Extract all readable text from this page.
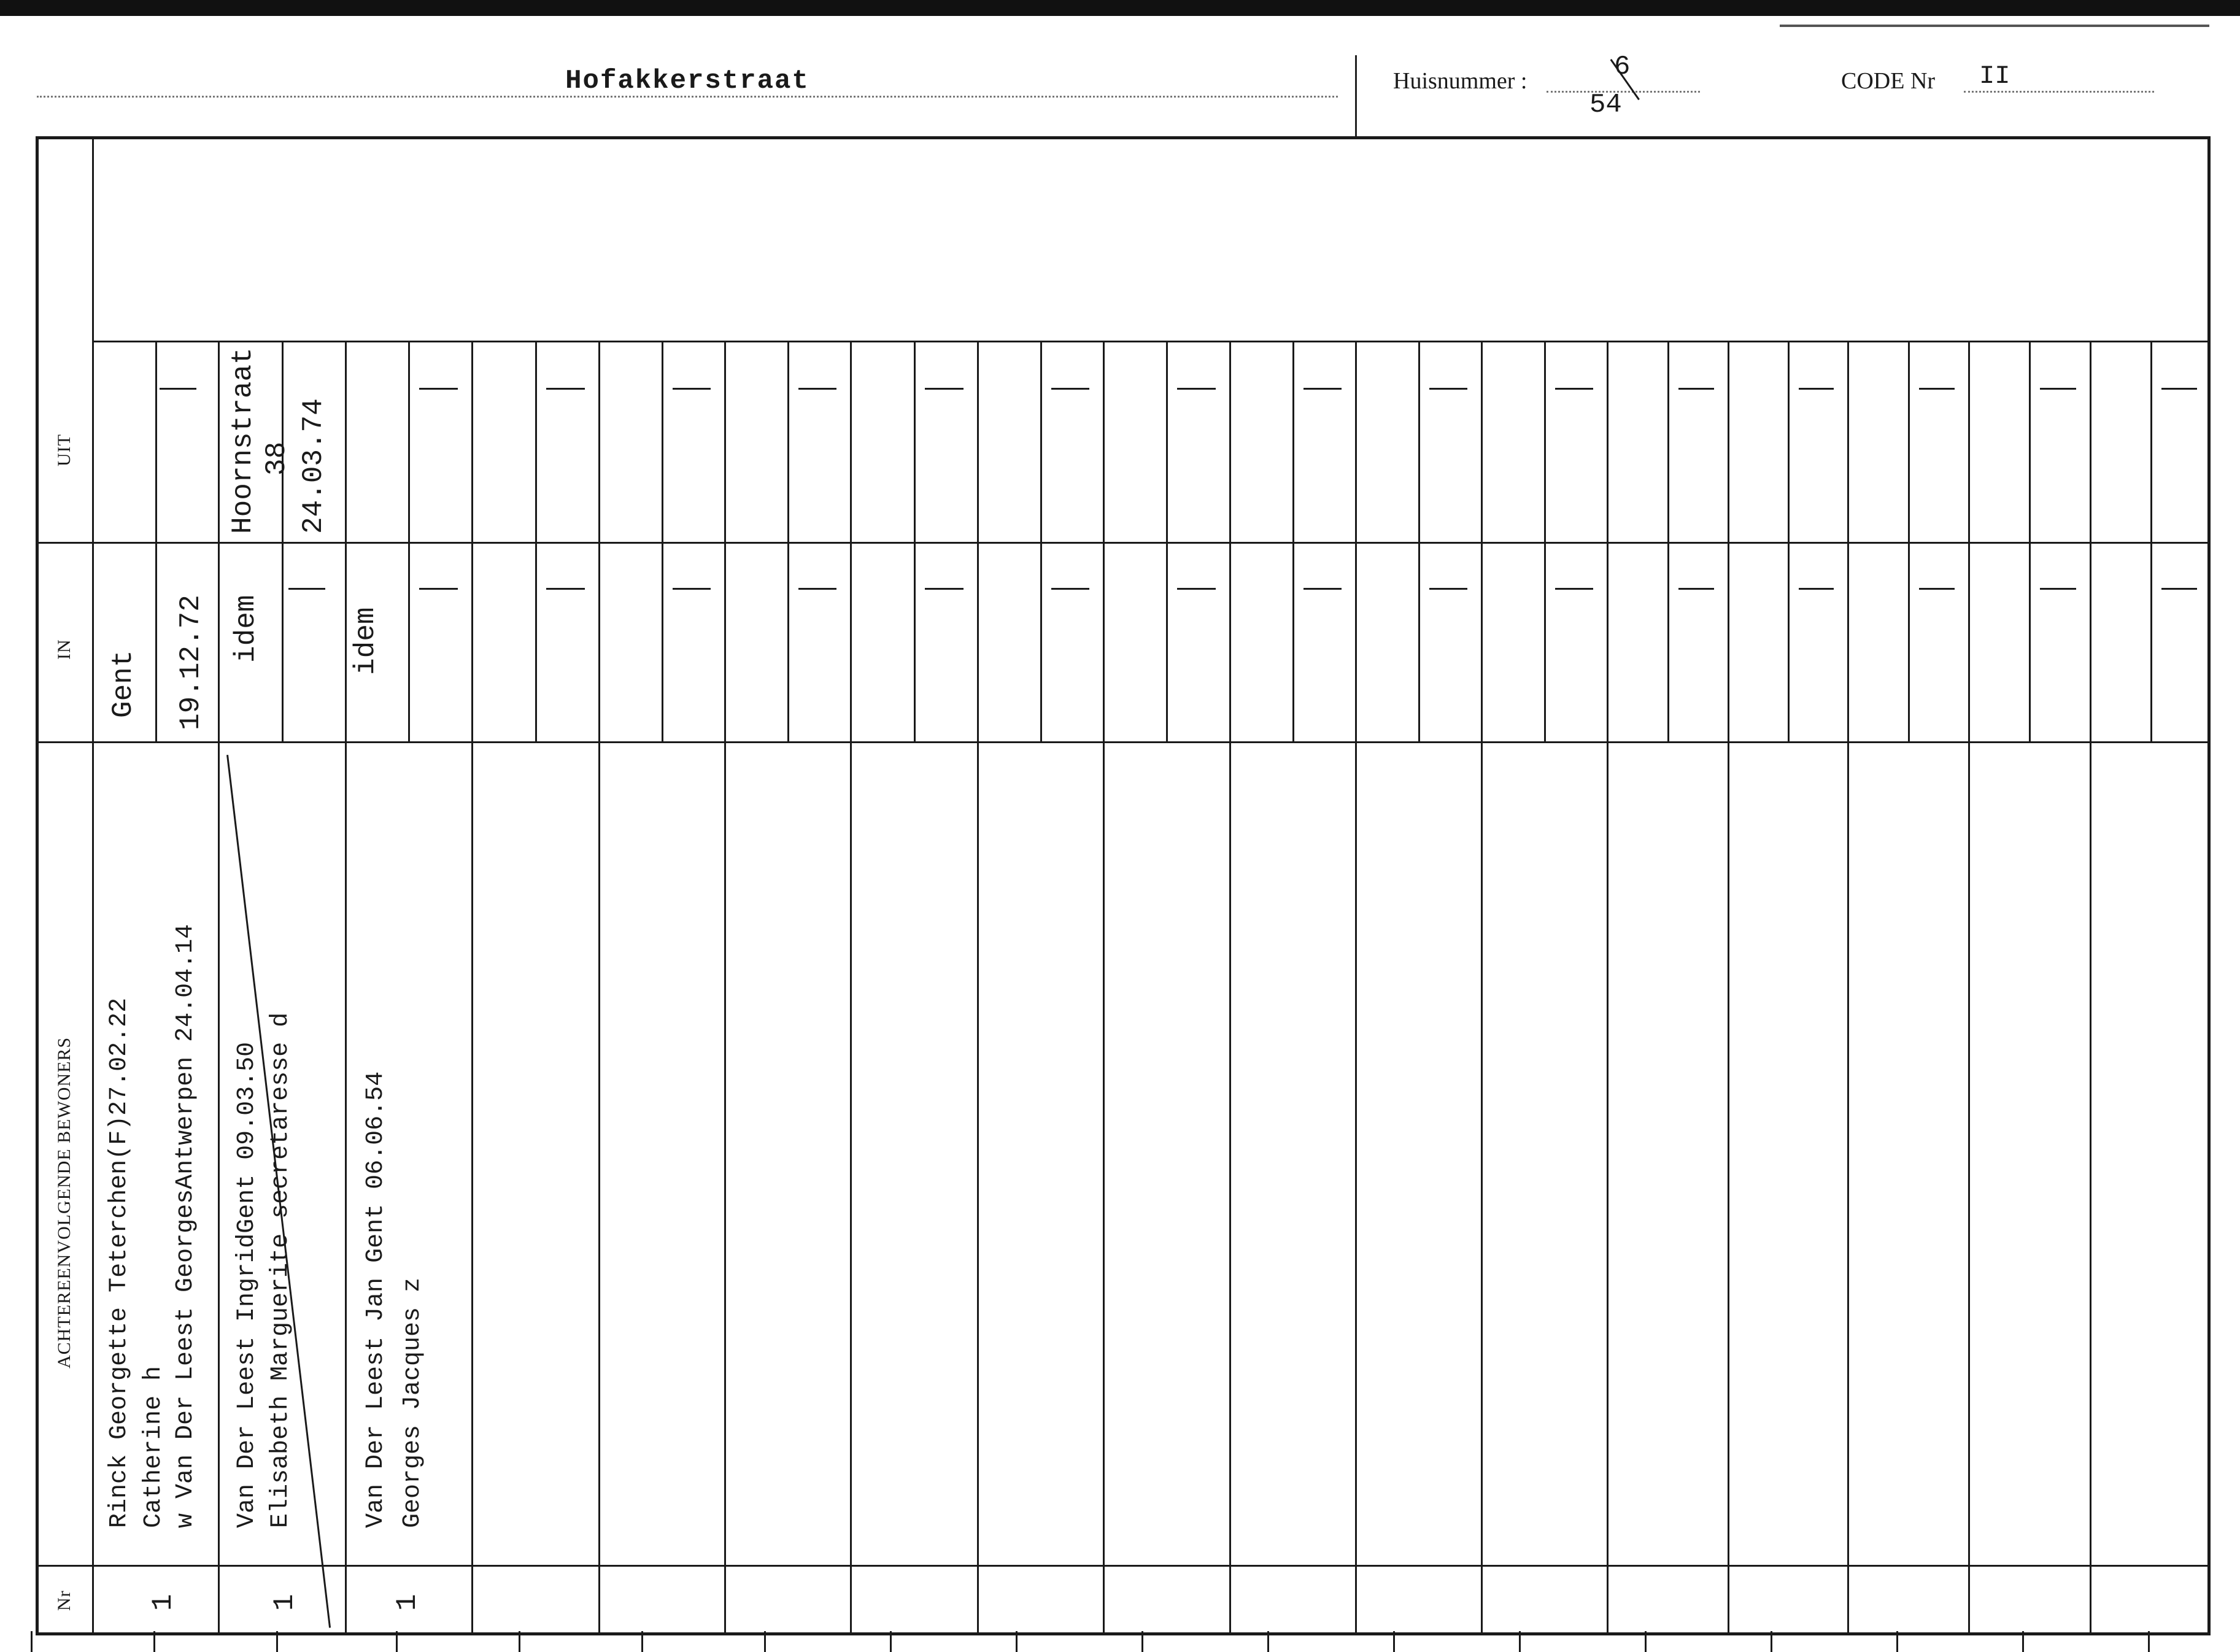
Hofakkerstraat	Huisnummer :	6
54
CODE Nr II
UIT
IN
ACHTEREENVOLGENDE BEWONERS
Nr
Gent 19.12.72
Rinck Georgette Teterchen(F)27.02.22 Catherine h w Van Der Leest GeorgesAntwerpen 24.04.14
1
Hoornstraat 38 24.03.74
idem
Van Der Leest IngridGent 09.03.50 Elisabeth Marguerite secretaresse d
1
idem
Van Der Leest Jan Gent 06.06.54 Georges Jacques z
1
